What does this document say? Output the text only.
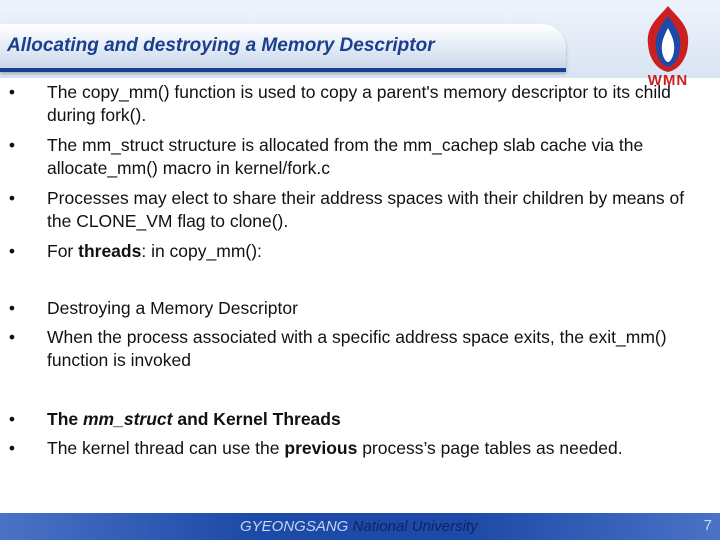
Allocating and destroying a Memory Descriptor
WMN
• The copy_mm() function is used to copy a parent's memory descriptor to its child during fork().
• The mm_struct structure is allocated from the mm_cachep slab cache via the allocate_mm() macro in kernel/fork.c
• Processes may elect to share their address spaces with their children by means of the CLONE_VM flag to clone().
• For threads: in copy_mm():
• Destroying a Memory Descriptor
• When the process associated with a specific address space exits, the exit_mm() function is invoked
• The mm_struct and Kernel Threads
• The kernel thread can use the previous process’s page tables as needed.
GYEONGSANG National University	7
